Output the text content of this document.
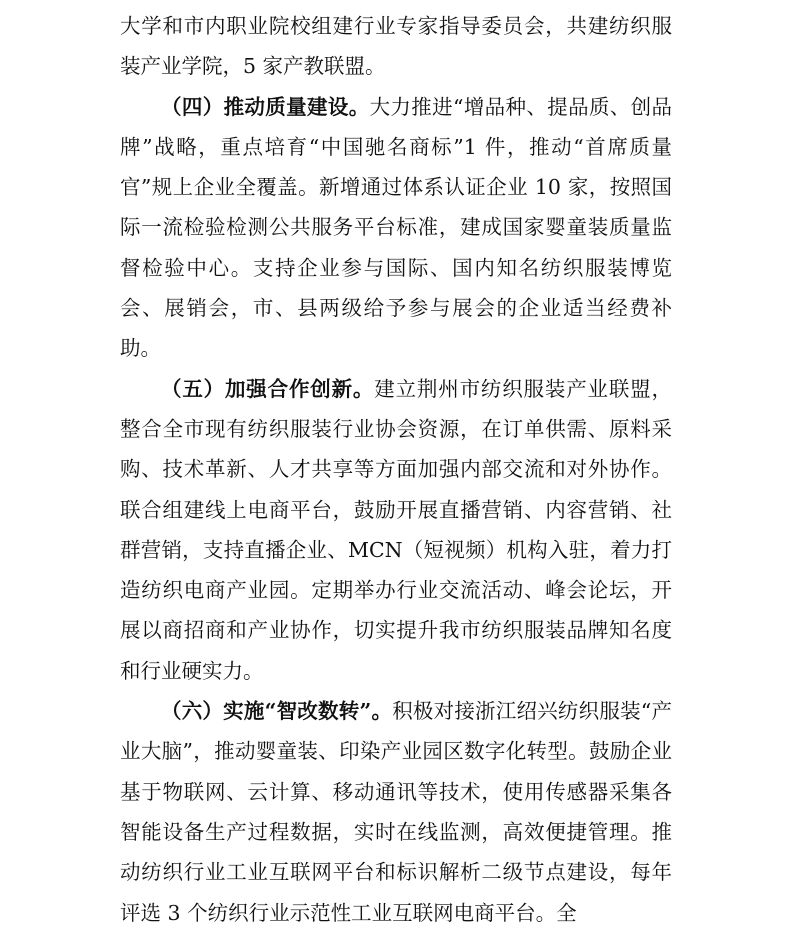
大学和市内职业院校组建行业专家指导委员会，共建纺织服装产业学院，5 家产教联盟。

（四）推动质量建设。大力推进“增品种、提品质、创品牌”战略，重点培育“中国驰名商标”1 件，推动“首席质量官”规上企业全覆盖。新增通过体系认证企业 10 家，按照国际一流检验检测公共服务平台标准，建成国家婴童装质量监督检验中心。支持企业参与国际、国内知名纺织服装博览会、展销会，市、县两级给予参与展会的企业适当经费补助。

（五）加强合作创新。建立荆州市纺织服装产业联盟，整合全市现有纺织服装行业协会资源，在订单供需、原料采购、技术革新、人才共享等方面加强内部交流和对外协作。联合组建线上电商平台，鼓励开展直播营销、内容营销、社群营销，支持直播企业、MCN（短视频）机构入驻，着力打造纺织电商产业园。定期举办行业交流活动、峰会论坛，开展以商招商和产业协作，切实提升我市纺织服装品牌知名度和行业硬实力。

（六）实施“智改数转”。积极对接浙江绍兴纺织服装“产业大脑”，推动婴童装、印染产业园区数字化转型。鼓励企业基于物联网、云计算、移动通讯等技术，使用传感器采集各智能设备生产过程数据，实时在线监测，高效便捷管理。推动纺织行业工业互联网平台和标识解析二级节点建设，每年评选 3 个纺织行业示范性工业互联网电商平台。全
